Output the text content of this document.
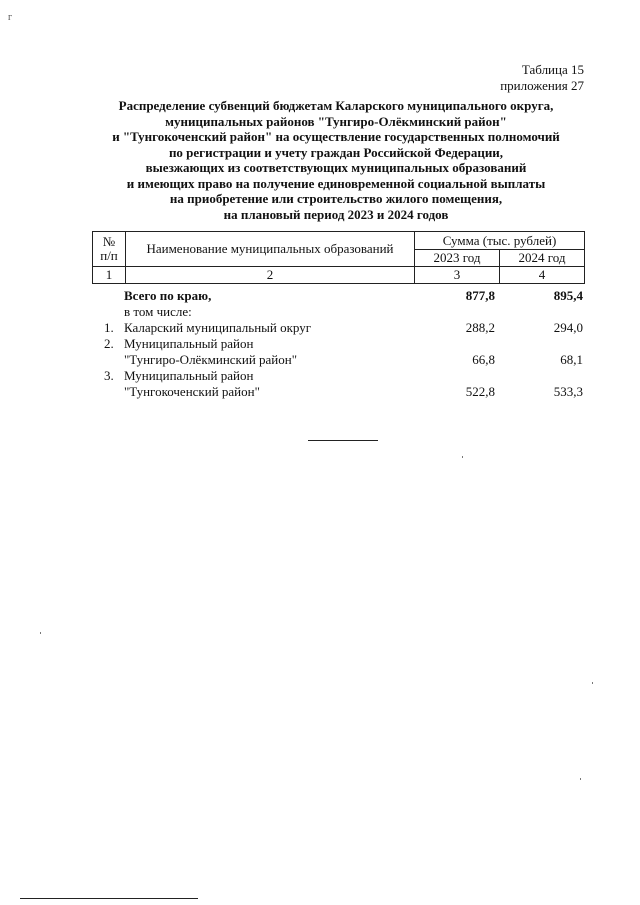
г
Таблица 15
приложения 27
Распределение субвенций бюджетам Каларского муниципального округа,
муниципальных районов "Тунгиро-Олёкминский район"
и "Тунгокоченский район" на осуществление государственных полномочий
по регистрации и учету граждан Российской Федерации,
выезжающих из соответствующих муниципальных образований
и имеющих право на получение единовременной социальной выплаты
на приобретение или строительство жилого помещения,
на плановый период 2023 и 2024 годов
№ п/п	Наименование муниципальных образований	Сумма (тыс. рублей)	
		2023 год	2024 год
1	2	3	4
Всего по краю,	877,8	895,4
в том числе:
1. Каларский муниципальный округ	288,2	294,0
2. Муниципальный район
"Тунгиро-Олёкминский район"	66,8	68,1
3. Муниципальный район
"Тунгокоченский район"	522,8	533,3
